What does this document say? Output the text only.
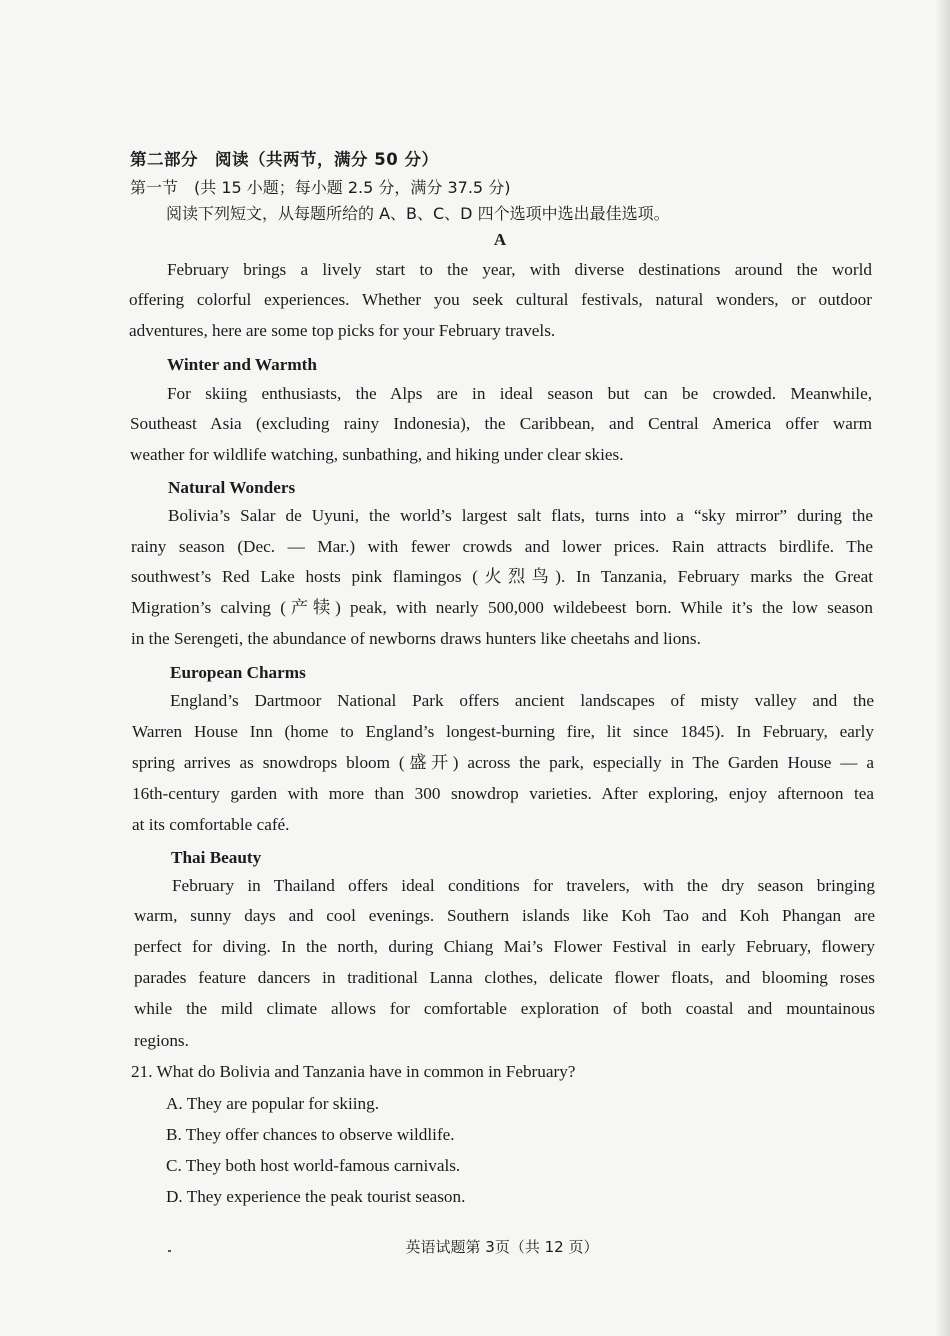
第二部分　阅读（共两节，满分 50 分）
第一节　(共 15 小题；每小题 2.5 分，满分 37.5 分)
阅读下列短文，从每题所给的 A、B、C、D 四个选项中选出最佳选项。
A
February brings a lively start to the year, with diverse destinations around the world
offering colorful experiences. Whether you seek cultural festivals, natural wonders, or outdoor
adventures, here are some top picks for your February travels.
Winter and Warmth
For skiing enthusiasts, the Alps are in ideal season but can be crowded. Meanwhile,
Southeast Asia (excluding rainy Indonesia), the Caribbean, and Central America offer warm
weather for wildlife watching, sunbathing, and hiking under clear skies.
Natural Wonders
Bolivia’s Salar de Uyuni, the world’s largest salt flats, turns into a “sky mirror” during the
rainy season (Dec. — Mar.) with fewer crowds and lower prices. Rain attracts birdlife. The
southwest’s Red Lake hosts pink flamingos (火烈鸟). In Tanzania, February marks the Great
Migration’s calving (产犊) peak, with nearly 500,000 wildebeest born. While it’s the low season
in the Serengeti, the abundance of newborns draws hunters like cheetahs and lions.
European Charms
England’s Dartmoor National Park offers ancient landscapes of misty valley and the
Warren House Inn (home to England’s longest-burning fire, lit since 1845). In February, early
spring arrives as snowdrops bloom (盛开) across the park, especially in The Garden House — a
16th-century garden with more than 300 snowdrop varieties. After exploring, enjoy afternoon tea
at its comfortable café.
Thai Beauty
February in Thailand offers ideal conditions for travelers, with the dry season bringing
warm, sunny days and cool evenings. Southern islands like Koh Tao and Koh Phangan are
perfect for diving. In the north, during Chiang Mai’s Flower Festival in early February, flowery
parades feature dancers in traditional Lanna clothes, delicate flower floats, and blooming roses
while the mild climate allows for comfortable exploration of both coastal and mountainous
regions.
21. What do Bolivia and Tanzania have in common in February?
A. They are popular for skiing.
B. They offer chances to observe wildlife.
C. They both host world-famous carnivals.
D. They experience the peak tourist season.
英语试题第 3页（共 12 页）
